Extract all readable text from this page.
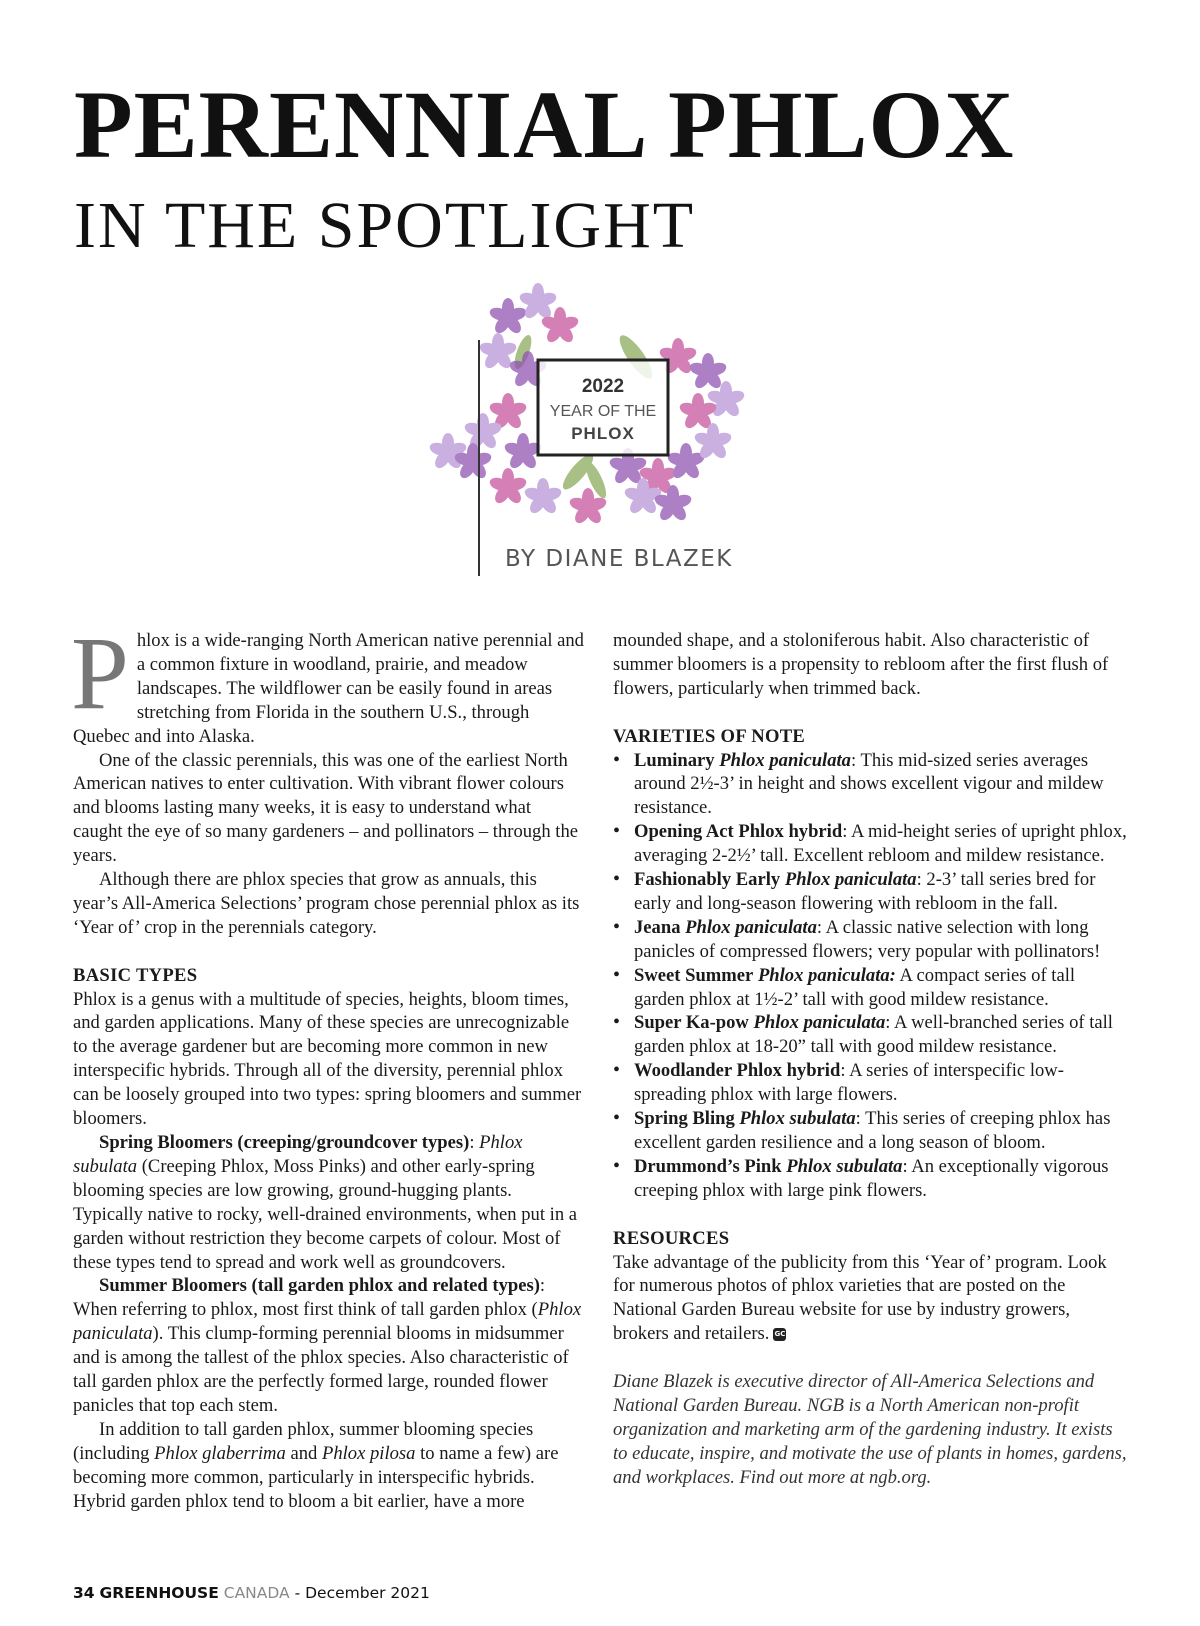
PERENNIAL PHLOX
IN THE SPOTLIGHT
2022
YEAR OF THE
PHLOX
BY DIANE BLAZEK

Phlox is a wide-ranging North American native perennial and a common fixture in woodland, prairie, and meadow landscapes. The wildflower can be easily found in areas stretching from Florida in the southern U.S., through Quebec and into Alaska.

One of the classic perennials, this was one of the earliest North American natives to enter cultivation. With vibrant flower colours and blooms lasting many weeks, it is easy to understand what caught the eye of so many gardeners – and pollinators – through the years.

Although there are phlox species that grow as annuals, this year’s All-America Selections’ program chose perennial phlox as its ‘Year of’ crop in the perennials category.

BASIC TYPES

Phlox is a genus with a multitude of species, heights, bloom times, and garden applications. Many of these species are unrecognizable to the average gardener but are becoming more common in new interspecific hybrids. Through all of the diversity, perennial phlox can be loosely grouped into two types: spring bloomers and summer bloomers.

Spring Bloomers (creeping/groundcover types): Phlox subulata (Creeping Phlox, Moss Pinks) and other early-spring blooming species are low growing, ground-hugging plants. Typically native to rocky, well-drained environments, when put in a garden without restriction they become carpets of colour. Most of these types tend to spread and work well as groundcovers.

Summer Bloomers (tall garden phlox and related types): When referring to phlox, most first think of tall garden phlox (Phlox paniculata). This clump-forming perennial blooms in midsummer and is among the tallest of the phlox species. Also characteristic of tall garden phlox are the perfectly formed large, rounded flower panicles that top each stem.

In addition to tall garden phlox, summer blooming species (including Phlox glaberrima and Phlox pilosa to name a few) are becoming more common, particularly in interspecific hybrids. Hybrid garden phlox tend to bloom a bit earlier, have a more

mounded shape, and a stoloniferous habit. Also characteristic of summer bloomers is a propensity to rebloom after the first flush of flowers, particularly when trimmed back.

VARIETIES OF NOTE

• Luminary Phlox paniculata: This mid-sized series averages around 2½-3’ in height and shows excellent vigour and mildew resistance.
• Opening Act Phlox hybrid: A mid-height series of upright phlox, averaging 2-2½’ tall. Excellent rebloom and mildew resistance.
• Fashionably Early Phlox paniculata: 2-3’ tall series bred for early and long-season flowering with rebloom in the fall.
• Jeana Phlox paniculata: A classic native selection with long panicles of compressed flowers; very popular with pollinators!
• Sweet Summer Phlox paniculata: A compact series of tall garden phlox at 1½-2’ tall with good mildew resistance.
• Super Ka-pow Phlox paniculata: A well-branched series of tall garden phlox at 18-20” tall with good mildew resistance.
• Woodlander Phlox hybrid: A series of interspecific low-spreading phlox with large flowers.
• Spring Bling Phlox subulata: This series of creeping phlox has excellent garden resilience and a long season of bloom.
• Drummond’s Pink Phlox subulata: An exceptionally vigorous creeping phlox with large pink flowers.

RESOURCES

Take advantage of the publicity from this ‘Year of’ program. Look for numerous photos of phlox varieties that are posted on the National Garden Bureau website for use by industry growers, brokers and retailers. GC

Diane Blazek is executive director of All-America Selections and National Garden Bureau. NGB is a North American non-profit organization and marketing arm of the gardening industry. It exists to educate, inspire, and motivate the use of plants in homes, gardens, and workplaces. Find out more at ngb.org.

34 GREENHOUSE CANADA - December 2021
